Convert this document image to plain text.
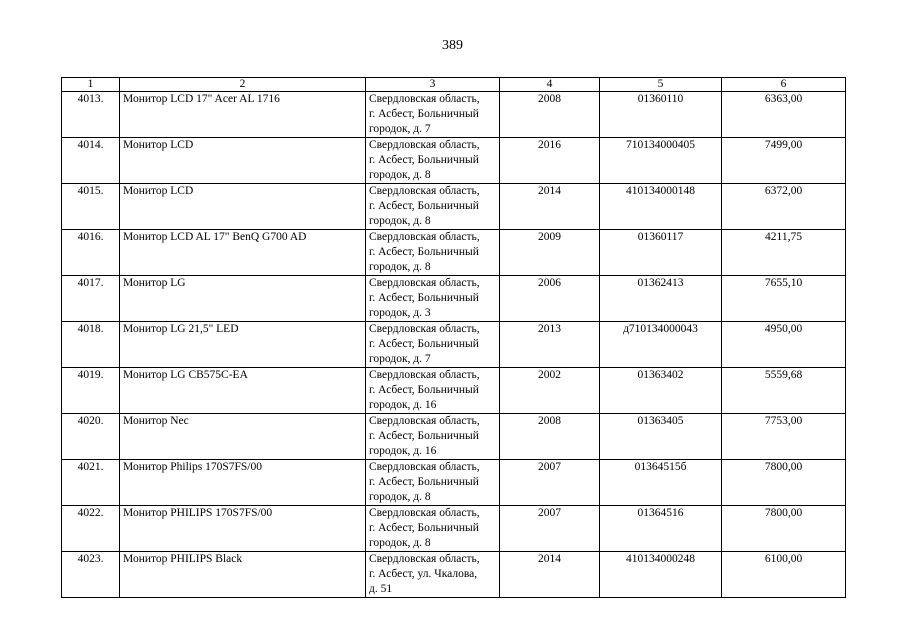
389
1	2	3	4	5	6
4013.	Монитор LCD 17" Acer AL 1716	Свердловская область,
г. Асбест, Больничный
городок, д. 7	2008	01360110	6363,00
4014.	Монитор LCD	Свердловская область,
г. Асбест, Больничный
городок, д. 8	2016	710134000405	7499,00
4015.	Монитор LCD	Свердловская область,
г. Асбест, Больничный
городок, д. 8	2014	410134000148	6372,00
4016.	Монитор LCD AL 17" BenQ G700 AD	Свердловская область,
г. Асбест, Больничный
городок, д. 8	2009	01360117	4211,75
4017.	Монитор LG	Свердловская область,
г. Асбест, Больничный
городок, д. 3	2006	01362413	7655,10
4018.	Монитор LG 21,5" LED	Свердловская область,
г. Асбест, Больничный
городок, д. 7	2013	д710134000043	4950,00
4019.	Монитор LG CB575C-EA	Свердловская область,
г. Асбест, Больничный
городок, д. 16	2002	01363402	5559,68
4020.	Монитор Nec	Свердловская область,
г. Асбест, Больничный
городок, д. 16	2008	01363405	7753,00
4021.	Монитор Philips 170S7FS/00	Свердловская область,
г. Асбест, Больничный
городок, д. 8	2007	01364515б	7800,00
4022.	Монитор PHILIPS 170S7FS/00	Свердловская область,
г. Асбест, Больничный
городок, д. 8	2007	01364516	7800,00
4023.	Монитор PHILIPS Black	Свердловская область,
г. Асбест, ул. Чкалова,
д. 51	2014	410134000248	6100,00
